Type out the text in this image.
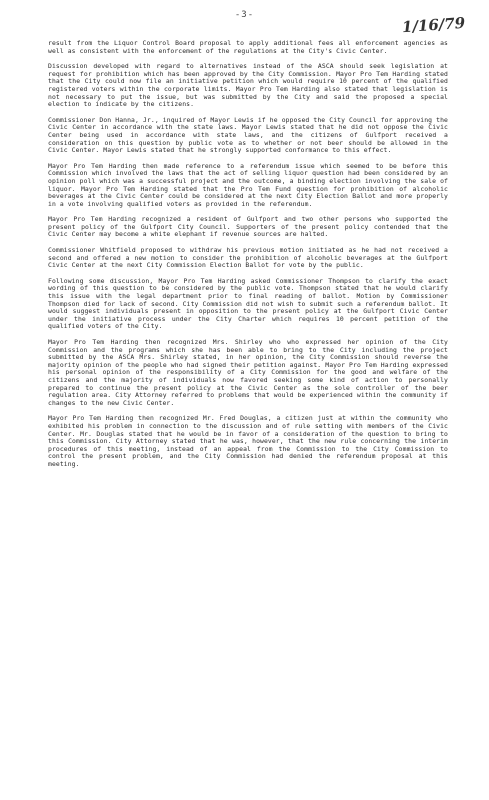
-3-	1/16/79

result from the Liquor Control Board proposal to apply additional fees all enforcement agencies as well as consistent with the enforcement of the regulations at the City's Civic Center.

Discussion developed with regard to alternatives instead of the ASCA should seek legislation at request for prohibition which has been approved by the City Commission. Mayor Pro Tem Harding stated that the City could now file an initiative petition which would require 10 percent of the qualified registered voters within the corporate limits. Mayor Pro Tem Harding also stated that legislation is not necessary to put the issue, but was submitted by the City and said the proposed a special election to indicate by the citizens.

Commissioner Don Hanna, Jr., inquired of Mayor Lewis if he opposed the City Council for approving the Civic Center in accordance with the state laws. Mayor Lewis stated that he did not oppose the Civic Center being used in accordance with state laws, and the citizens of Gulfport received a consideration on this question by public vote as to whether or not beer should be allowed in the Civic Center. Mayor Lewis stated that he strongly supported conformance to this effect.

Mayor Pro Tem Harding then made reference to a referendum issue which seemed to be before this Commission which involved the laws that the act of selling liquor question had been considered by an opinion poll which was a successful project and the outcome, a binding election involving the sale of liquor. Mayor Pro Tem Harding stated that the Pro Tem Fund question for prohibition of alcoholic beverages at the Civic Center could be considered at the next City Election Ballot and more properly in a vote involving qualified voters as provided in the referendum.

Mayor Pro Tem Harding recognized a resident of Gulfport and two other persons who supported the present policy of the Gulfport City Council. Supporters of the present policy contended that the Civic Center may become a white elephant if revenue sources are halted.

Commissioner Whitfield proposed to withdraw his previous motion initiated as he had not received a second and offered a new motion to consider the prohibition of alcoholic beverages at the Gulfport Civic Center at the next City Commission Election Ballot for vote by the public.

Following some discussion, Mayor Pro Tem Harding asked Commissioner Thompson to clarify the exact wording of this question to be considered by the public vote. Thompson stated that he would clarify this issue with the legal department prior to final reading of ballot. Motion by Commissioner Thompson died for lack of second. City Commission did not wish to submit such a referendum ballot. It would suggest individuals present in opposition to the present policy at the Gulfport Civic Center under the initiative process under the City Charter which requires 10 percent petition of the qualified voters of the City.

Mayor Pro Tem Harding then recognized Mrs. Shirley who who expressed her opinion of the City Commission and the programs which she has been able to bring to the City including the project submitted by the ASCA Mrs. Shirley stated, in her opinion, the City Commission should reverse the majority opinion of the people who had signed their petition against. Mayor Pro Tem Harding expressed his personal opinion of the responsibility of a City Commission for the good and welfare of the citizens and the majority of individuals now favored seeking some kind of action to personally prepared to continue the present policy at the Civic Center as the sole controller of the beer regulation area. City Attorney referred to problems that would be experienced within the community if changes to the new Civic Center.

Mayor Pro Tem Harding then recognized Mr. Fred Douglas, a citizen just at within the community who exhibited his problem in connection to the discussion and of rule setting with members of the Civic Center. Mr. Douglas stated that he would be in favor of a consideration of the question to bring to this Commission. City Attorney stated that he was, however, that the new rule concerning the interim procedures of this meeting, instead of an appeal from the Commission to the City Commission to control the present problem, and the City Commission had denied the referendum proposal at this meeting.
